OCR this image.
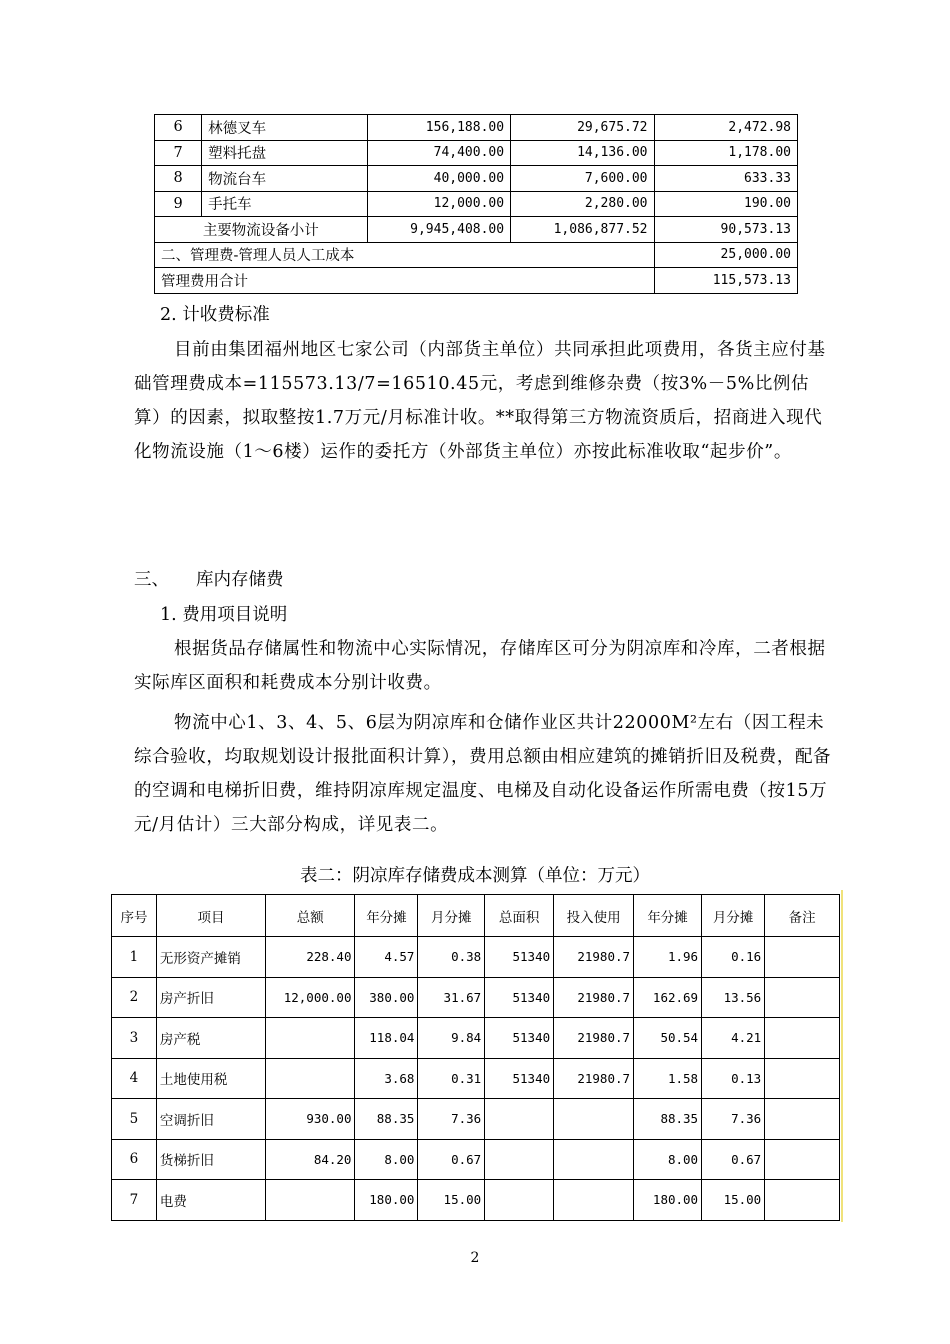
6	林德叉车	156,188.00	29,675.72	2,472.98
7	塑料托盘	74,400.00	14,136.00	1,178.00
8	物流台车	40,000.00	7,600.00	633.33
9	手托车	12,000.00	2,280.00	190.00
主要物流设备小计		9,945,408.00	1,086,877.52	90,573.13
二、管理费-管理人员人工成本				25,000.00
管理费用合计				115,573.13
2. 计收费标准
目前由集团福州地区七家公司（内部货主单位）共同承担此项费用，各货主应付基础管理费成本=115573.13/7=16510.45元，考虑到维修杂费（按3%－5%比例估算）的因素，拟取整按1.7万元/月标准计收。**取得第三方物流资质后，招商进入现代化物流设施（1～6楼）运作的委托方（外部货主单位）亦按此标准收取“起步价”。
三、 库内存储费
1. 费用项目说明
根据货品存储属性和物流中心实际情况，存储库区可分为阴凉库和冷库，二者根据实际库区面积和耗费成本分别计收费。
物流中心1、3、4、5、6层为阴凉库和仓储作业区共计22000M²左右（因工程未综合验收，均取规划设计报批面积计算），费用总额由相应建筑的摊销折旧及税费，配备的空调和电梯折旧费，维持阴凉库规定温度、电梯及自动化设备运作所需电费（按15万元/月估计）三大部分构成，详见表二。
表二：阴凉库存储费成本测算（单位：万元）
序号	项目	总额	年分摊	月分摊	总面积	投入使用	年分摊	月分摊	备注
1	无形资产摊销	228.40	4.57	0.38	51340	21980.7	1.96	0.16	
2	房产折旧	12,000.00	380.00	31.67	51340	21980.7	162.69	13.56	
3	房产税		118.04	9.84	51340	21980.7	50.54	4.21	
4	土地使用税		3.68	0.31	51340	21980.7	1.58	0.13	
5	空调折旧	930.00	88.35	7.36			88.35	7.36	
6	货梯折旧	84.20	8.00	0.67			8.00	0.67	
7	电费		180.00	15.00			180.00	15.00	
2
